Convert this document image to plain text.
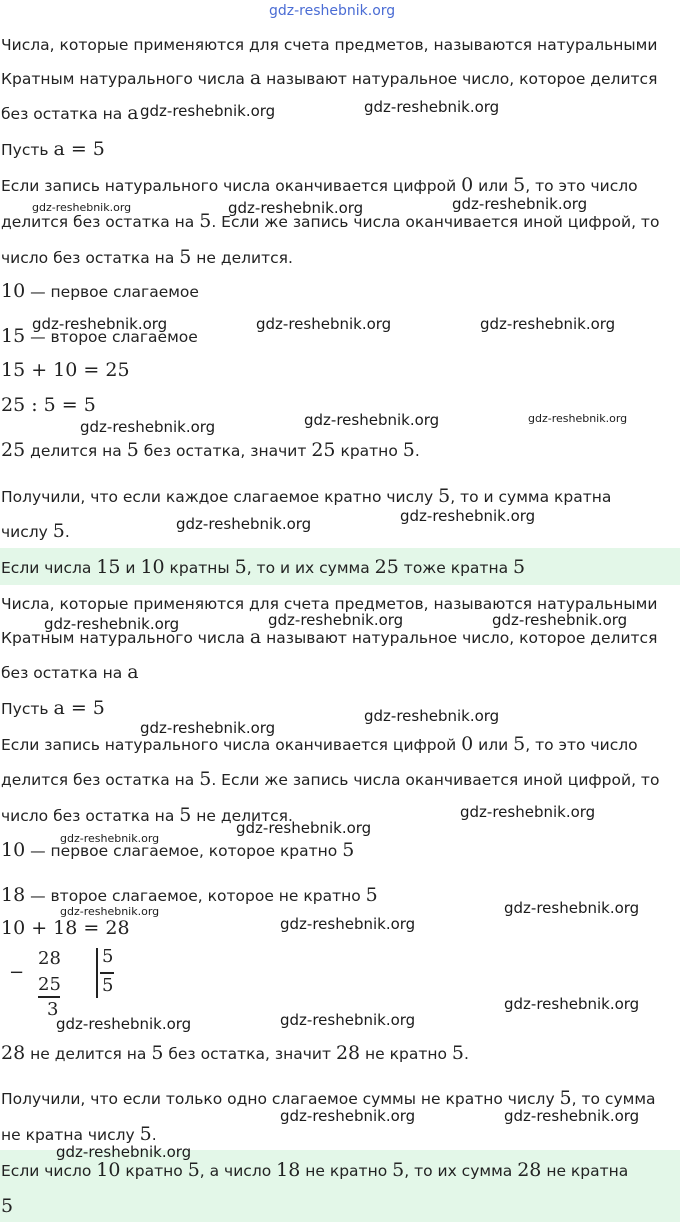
Числа, которые применяются для счета предметов, называются натуральными
Кратным натурального числа a называют натуральное число, которое делится
без остатка на a
Пусть a = 5
Если запись натурального числа оканчивается цифрой 0 или 5, то это число
делится без остатка на 5. Если же запись числа оканчивается иной цифрой, то
число без остатка на 5 не делится.
10 — первое слагаемое
15 — второе слагаемое
15 + 10 = 25
25 : 5 = 5
25 делится на 5 без остатка, значит 25 кратно 5.
Получили, что если каждое слагаемое кратно числу 5, то и сумма кратна
числу 5.
Если числа 15 и 10 кратны 5, то и их сумма 25 тоже кратна 5
Числа, которые применяются для счета предметов, называются натуральными
Кратным натурального числа a называют натуральное число, которое делится
без остатка на a
Пусть a = 5
Если запись натурального числа оканчивается цифрой 0 или 5, то это число
делится без остатка на 5. Если же запись числа оканчивается иной цифрой, то
число без остатка на 5 не делится.
10 — первое слагаемое, которое кратно 5
18 — второе слагаемое, которое не кратно 5
10 + 18 = 28
−
28
25
3
5
5
28 не делится на 5 без остатка, значит 28 не кратно 5.
Получили, что если только одно слагаемое суммы не кратно числу 5, то сумма
не кратна числу 5.
Если число 10 кратно 5, а число 18 не кратно 5, то их сумма 28 не кратна
5
gdz-reshebnik.org
gdz-reshebnik.org	gdz-reshebnik.org
gdz-reshebnik.org	gdz-reshebnik.org	gdz-reshebnik.org
gdz-reshebnik.org	gdz-reshebnik.org	gdz-reshebnik.org
gdz-reshebnik.org	gdz-reshebnik.org	gdz-reshebnik.org
gdz-reshebnik.org	gdz-reshebnik.org
gdz-reshebnik.org	gdz-reshebnik.org	gdz-reshebnik.org
gdz-reshebnik.org
gdz-reshebnik.org
gdz-reshebnik.org
gdz-reshebnik.org
gdz-reshebnik.org
gdz-reshebnik.org
gdz-reshebnik.org
gdz-reshebnik.org
gdz-reshebnik.org
gdz-reshebnik.org	gdz-reshebnik.org
gdz-reshebnik.org	gdz-reshebnik.org
gdz-reshebnik.org
